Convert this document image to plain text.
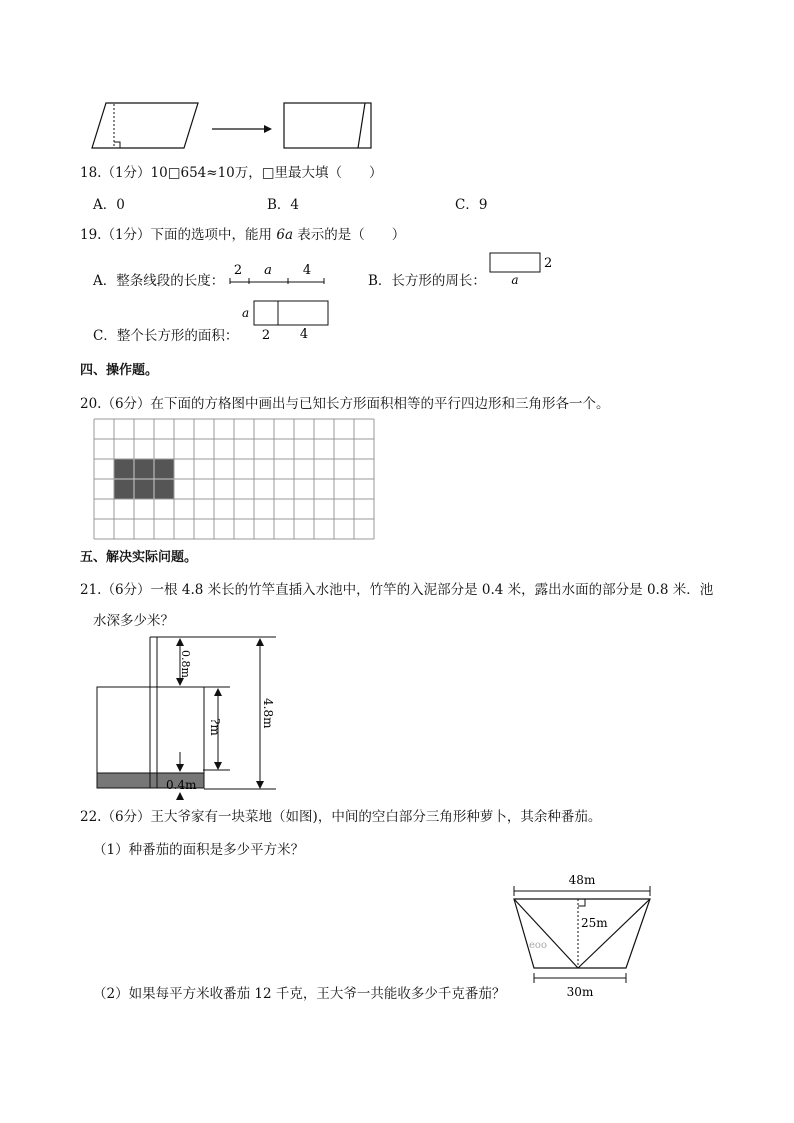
18.（1分）10□654≈10万，□里最大填（　　）
A．0	B．4	C．9
19.（1分）下面的选项中，能用 6a 表示的是（　　）
A．整条线段的长度：
2 a 4
B．长方形的周长：
2
a
C．整个长方形的面积：
a
2 4
四、操作题。
20.（6分）在下面的方格图中画出与已知长方形面积相等的平行四边形和三角形各一个。
五、解决实际问题。
21.（6分）一根 4.8 米长的竹竿直插入水池中，竹竿的入泥部分是 0.4 米，露出水面的部分是 0.8 米．池
水深多少米？
0.8m
?m	4.8m
0.4m
22.（6分）王大爷家有一块菜地（如图)，中间的空白部分三角形种萝卜，其余种番茄。
（1）种番茄的面积是多少平方米？
（2）如果每平方米收番茄 12 千克，王大爷一共能收多少千克番茄？
48m
25m
eoo
30m
